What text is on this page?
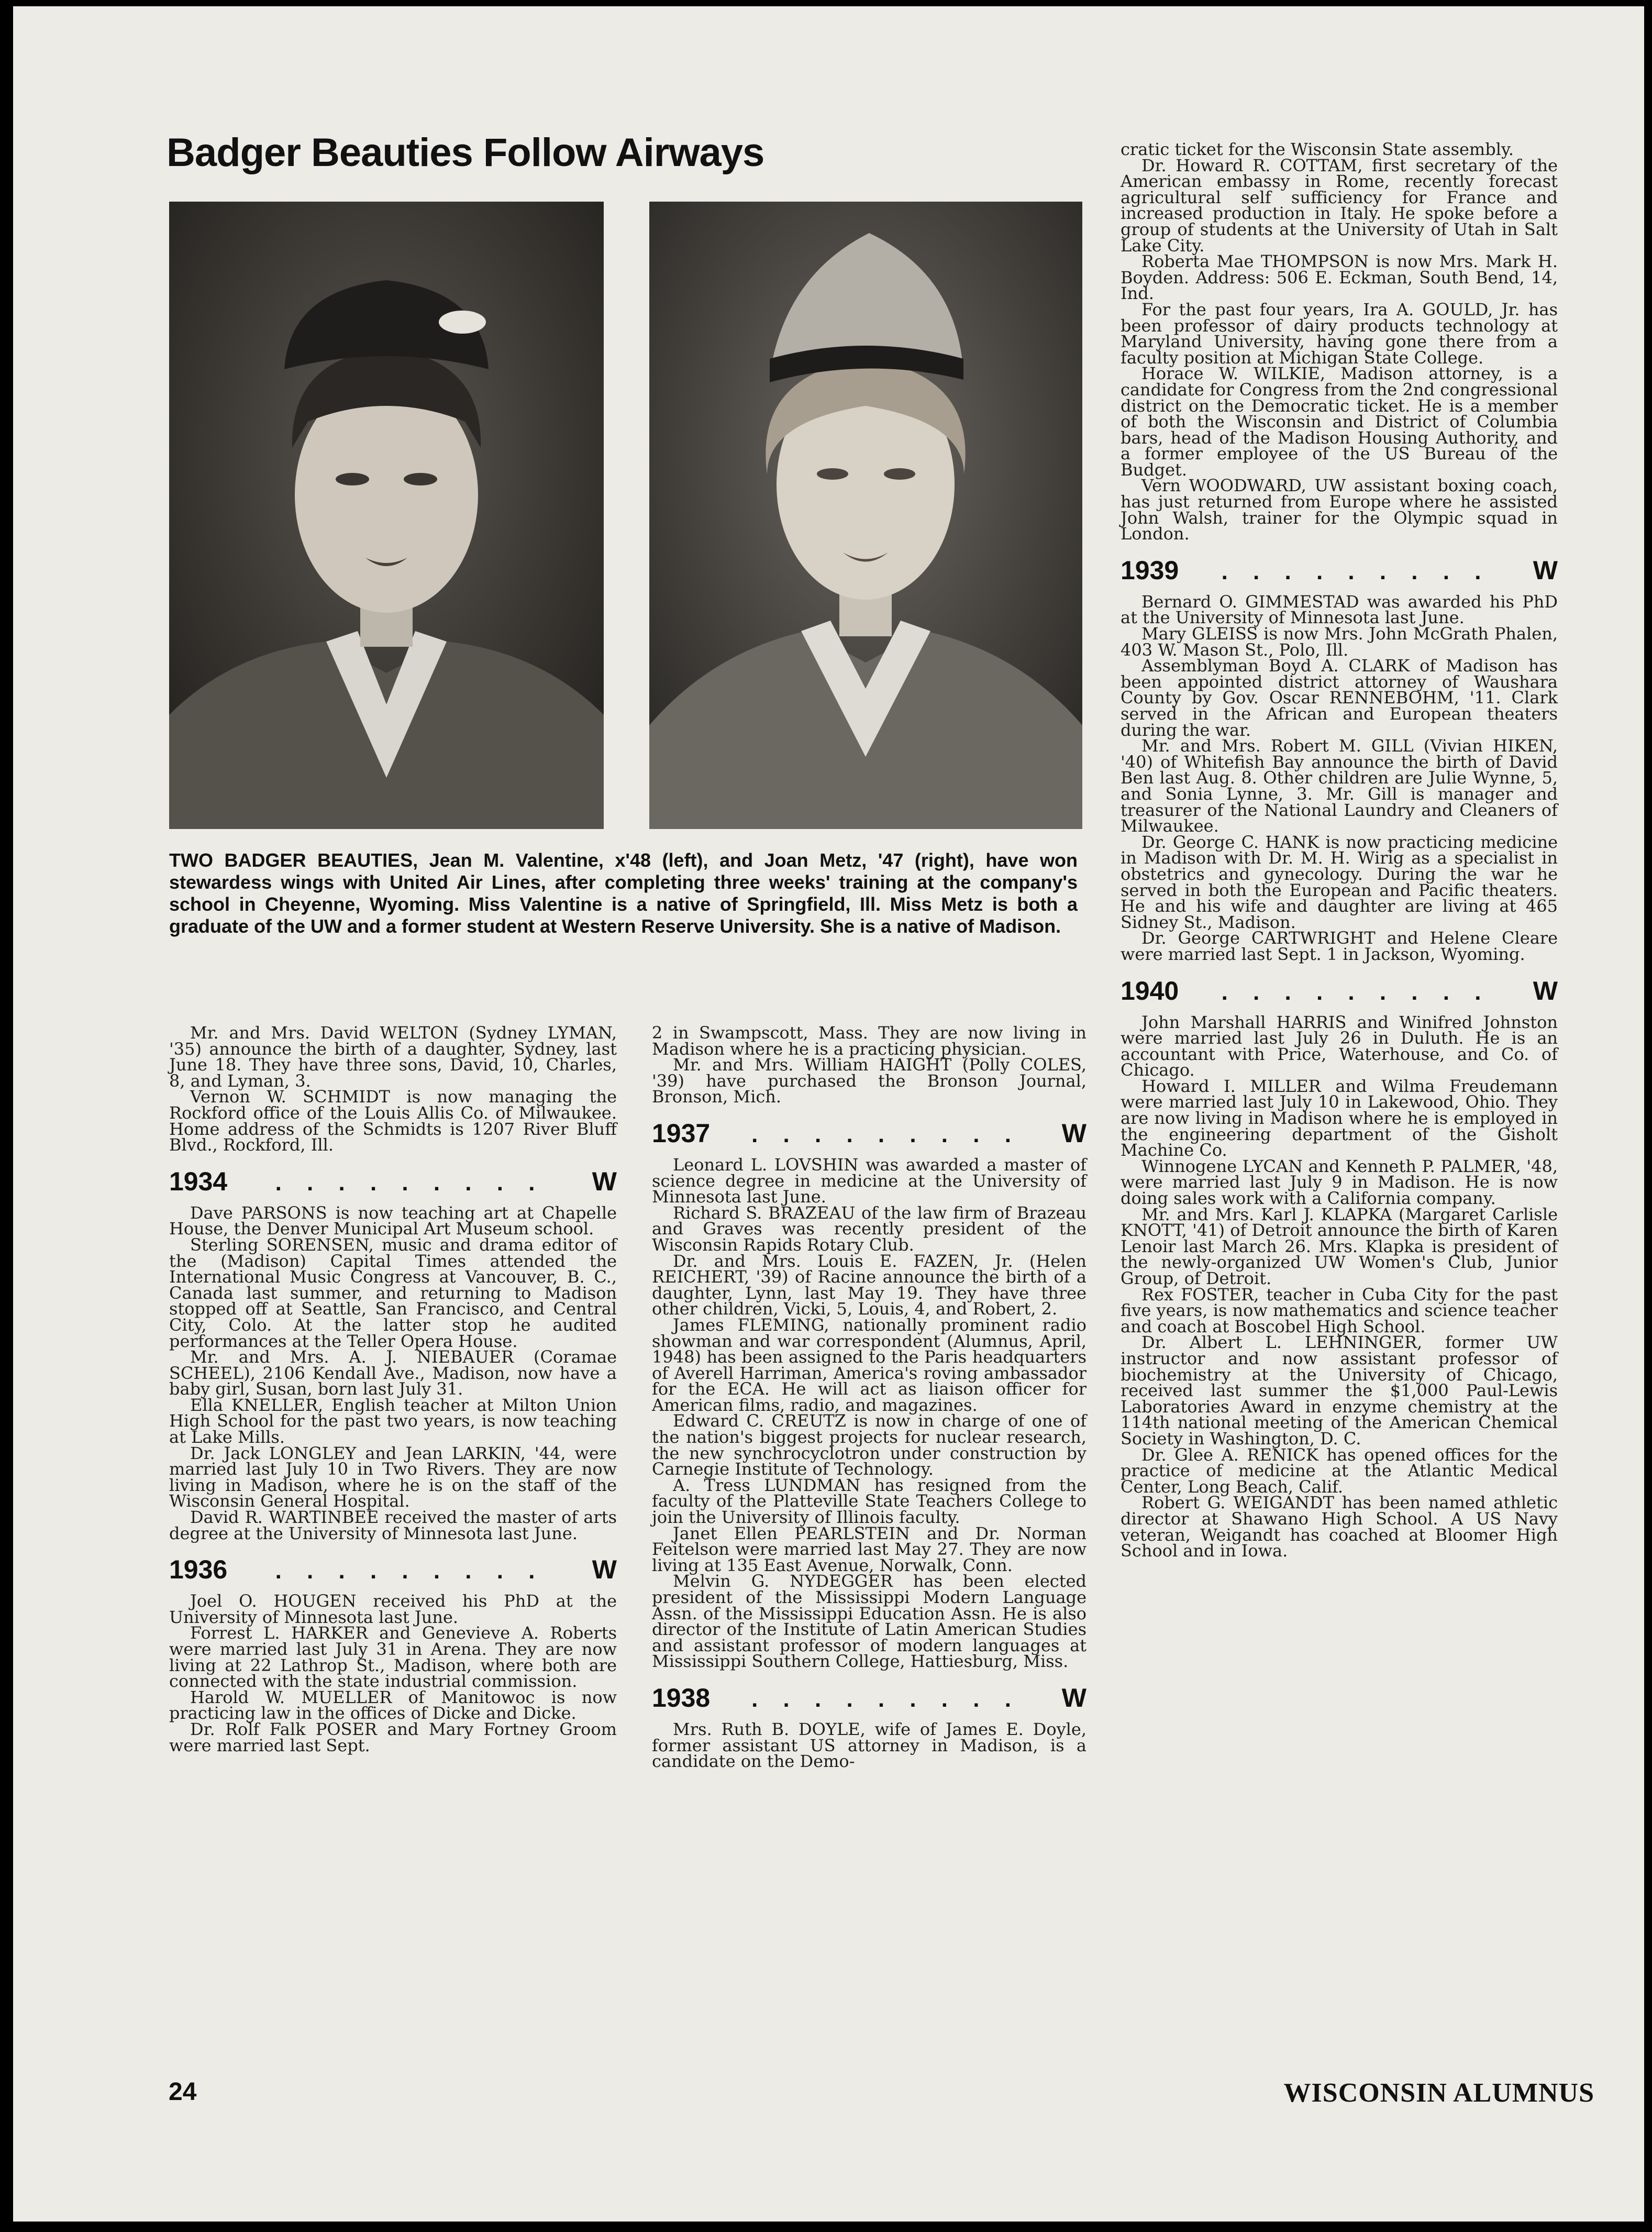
Badger Beauties Follow Airways
TWO BADGER BEAUTIES, Jean M. Valentine, x'48 (left), and Joan Metz, '47 (right), have won stewardess wings with United Air Lines, after completing three weeks' training at the company's school in Cheyenne, Wyoming. Miss Valentine is a native of Springfield, Ill. Miss Metz is both a graduate of the UW and a former student at Western Reserve University. She is a native of Madison.

Mr. and Mrs. David WELTON (Sydney LYMAN, '35) announce the birth of a daughter, Sydney, last June 18. They have three sons, David, 10, Charles, 8, and Lyman, 3.

Vernon W. SCHMIDT is now managing the Rockford office of the Louis Allis Co. of Milwaukee. Home address of the Schmidts is 1207 River Bluff Blvd., Rockford, Ill.

1934	. . . . . . . . .	W

Dave PARSONS is now teaching art at Chapelle House, the Denver Municipal Art Museum school.

Sterling SORENSEN, music and drama editor of the (Madison) Capital Times attended the International Music Congress at Vancouver, B. C., Canada last summer, and returning to Madison stopped off at Seattle, San Francisco, and Central City, Colo. At the latter stop he audited performances at the Teller Opera House.

Mr. and Mrs. A. J. NIEBAUER (Coramae SCHEEL), 2106 Kendall Ave., Madison, now have a baby girl, Susan, born last July 31.

Ella KNELLER, English teacher at Milton Union High School for the past two years, is now teaching at Lake Mills.

Dr. Jack LONGLEY and Jean LARKIN, '44, were married last July 10 in Two Rivers. They are now living in Madison, where he is on the staff of the Wisconsin General Hospital.

David R. WARTINBEE received the master of arts degree at the University of Minnesota last June.

1936	. . . . . . . . .	W

Joel O. HOUGEN received his PhD at the University of Minnesota last June.

Forrest L. HARKER and Genevieve A. Roberts were married last July 31 in Arena. They are now living at 22 Lathrop St., Madison, where both are connected with the state industrial commission.

Harold W. MUELLER of Manitowoc is now practicing law in the offices of Dicke and Dicke.

Dr. Rolf Falk POSER and Mary Fortney Groom were married last Sept.

2 in Swampscott, Mass. They are now living in Madison where he is a practicing physician.

Mr. and Mrs. William HAIGHT (Polly COLES, '39) have purchased the Bronson Journal, Bronson, Mich.

1937	. . . . . . . . .	W

Leonard L. LOVSHIN was awarded a master of science degree in medicine at the University of Minnesota last June.

Richard S. BRAZEAU of the law firm of Brazeau and Graves was recently president of the Wisconsin Rapids Rotary Club.

Dr. and Mrs. Louis E. FAZEN, Jr. (Helen REICHERT, '39) of Racine announce the birth of a daughter, Lynn, last May 19. They have three other children, Vicki, 5, Louis, 4, and Robert, 2.

James FLEMING, nationally prominent radio showman and war correspondent (Alumnus, April, 1948) has been assigned to the Paris headquarters of Averell Harriman, America's roving ambassador for the ECA. He will act as liaison officer for American films, radio, and magazines.

Edward C. CREUTZ is now in charge of one of the nation's biggest projects for nuclear research, the new synchrocyclotron under construction by Carnegie Institute of Technology.

A. Tress LUNDMAN has resigned from the faculty of the Platteville State Teachers College to join the University of Illinois faculty.

Janet Ellen PEARLSTEIN and Dr. Norman Feitelson were married last May 27. They are now living at 135 East Avenue, Norwalk, Conn.

Melvin G. NYDEGGER has been elected president of the Mississippi Modern Language Assn. of the Mississippi Education Assn. He is also director of the Institute of Latin American Studies and assistant professor of modern languages at Mississippi Southern College, Hattiesburg, Miss.

1938	. . . . . . . . .	W

Mrs. Ruth B. DOYLE, wife of James E. Doyle, former assistant US attorney in Madison, is a candidate on the Demo-

cratic ticket for the Wisconsin State assembly.

Dr. Howard R. COTTAM, first secretary of the American embassy in Rome, recently forecast agricultural self sufficiency for France and increased production in Italy. He spoke before a group of students at the University of Utah in Salt Lake City.

Roberta Mae THOMPSON is now Mrs. Mark H. Boyden. Address: 506 E. Eckman, South Bend, 14, Ind.

For the past four years, Ira A. GOULD, Jr. has been professor of dairy products technology at Maryland University, having gone there from a faculty position at Michigan State College.

Horace W. WILKIE, Madison attorney, is a candidate for Congress from the 2nd congressional district on the Democratic ticket. He is a member of both the Wisconsin and District of Columbia bars, head of the Madison Housing Authority, and a former employee of the US Bureau of the Budget.

Vern WOODWARD, UW assistant boxing coach, has just returned from Europe where he assisted John Walsh, trainer for the Olympic squad in London.

1939	. . . . . . . . .	W

Bernard O. GIMMESTAD was awarded his PhD at the University of Minnesota last June.

Mary GLEISS is now Mrs. John McGrath Phalen, 403 W. Mason St., Polo, Ill.

Assemblyman Boyd A. CLARK of Madison has been appointed district attorney of Waushara County by Gov. Oscar RENNEBOHM, '11. Clark served in the African and European theaters during the war.

Mr. and Mrs. Robert M. GILL (Vivian HIKEN, '40) of Whitefish Bay announce the birth of David Ben last Aug. 8. Other children are Julie Wynne, 5, and Sonia Lynne, 3. Mr. Gill is manager and treasurer of the National Laundry and Cleaners of Milwaukee.

Dr. George C. HANK is now practicing medicine in Madison with Dr. M. H. Wirig as a specialist in obstetrics and gynecology. During the war he served in both the European and Pacific theaters. He and his wife and daughter are living at 465 Sidney St., Madison.

Dr. George CARTWRIGHT and Helene Cleare were married last Sept. 1 in Jackson, Wyoming.

1940	. . . . . . . . .	W

John Marshall HARRIS and Winifred Johnston were married last July 26 in Duluth. He is an accountant with Price, Waterhouse, and Co. of Chicago.

Howard I. MILLER and Wilma Freudemann were married last July 10 in Lakewood, Ohio. They are now living in Madison where he is employed in the engineering department of the Gisholt Machine Co.

Winnogene LYCAN and Kenneth P. PALMER, '48, were married last July 9 in Madison. He is now doing sales work with a California company.

Mr. and Mrs. Karl J. KLAPKA (Margaret Carlisle KNOTT, '41) of Detroit announce the birth of Karen Lenoir last March 26. Mrs. Klapka is president of the newly-organized UW Women's Club, Junior Group, of Detroit.

Rex FOSTER, teacher in Cuba City for the past five years, is now mathematics and science teacher and coach at Boscobel High School.

Dr. Albert L. LEHNINGER, former UW instructor and now assistant professor of biochemistry at the University of Chicago, received last summer the $1,000 Paul-Lewis Laboratories Award in enzyme chemistry at the 114th national meeting of the American Chemical Society in Washington, D. C.

Dr. Glee A. RENICK has opened offices for the practice of medicine at the Atlantic Medical Center, Long Beach, Calif.

Robert G. WEIGANDT has been named athletic director at Shawano High School. A US Navy veteran, Weigandt has coached at Bloomer High School and in Iowa.

24	WISCONSIN ALUMNUS
